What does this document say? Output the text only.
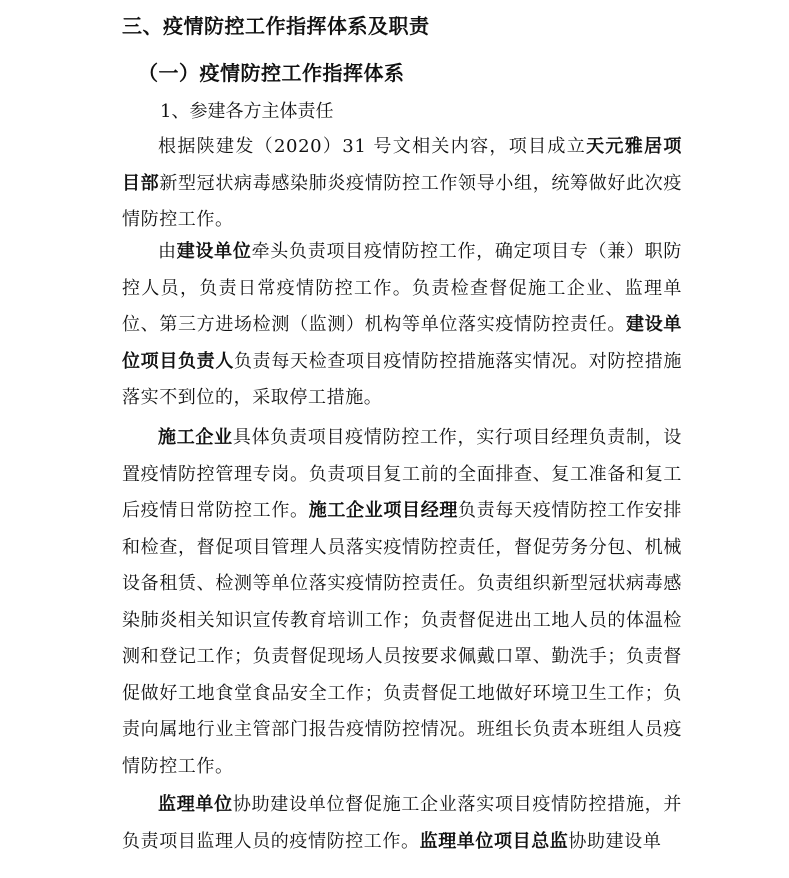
三、疫情防控工作指挥体系及职责
（一）疫情防控工作指挥体系
1、参建各方主体责任
根据陕建发（2020）31 号文相关内容，项目成立天元雅居项目部新型冠状病毒感染肺炎疫情防控工作领导小组，统筹做好此次疫情防控工作。
由建设单位牵头负责项目疫情防控工作，确定项目专（兼）职防控人员，负责日常疫情防控工作。负责检查督促施工企业、监理单位、第三方进场检测（监测）机构等单位落实疫情防控责任。建设单位项目负责人负责每天检查项目疫情防控措施落实情况。对防控措施落实不到位的，采取停工措施。
施工企业具体负责项目疫情防控工作，实行项目经理负责制，设置疫情防控管理专岗。负责项目复工前的全面排查、复工准备和复工后疫情日常防控工作。施工企业项目经理负责每天疫情防控工作安排和检查，督促项目管理人员落实疫情防控责任，督促劳务分包、机械设备租赁、检测等单位落实疫情防控责任。负责组织新型冠状病毒感染肺炎相关知识宣传教育培训工作；负责督促进出工地人员的体温检测和登记工作；负责督促现场人员按要求佩戴口罩、勤洗手；负责督促做好工地食堂食品安全工作；负责督促工地做好环境卫生工作；负责向属地行业主管部门报告疫情防控情况。班组长负责本班组人员疫情防控工作。
监理单位协助建设单位督促施工企业落实项目疫情防控措施，并负责项目监理人员的疫情防控工作。监理单位项目总监协助建设单
